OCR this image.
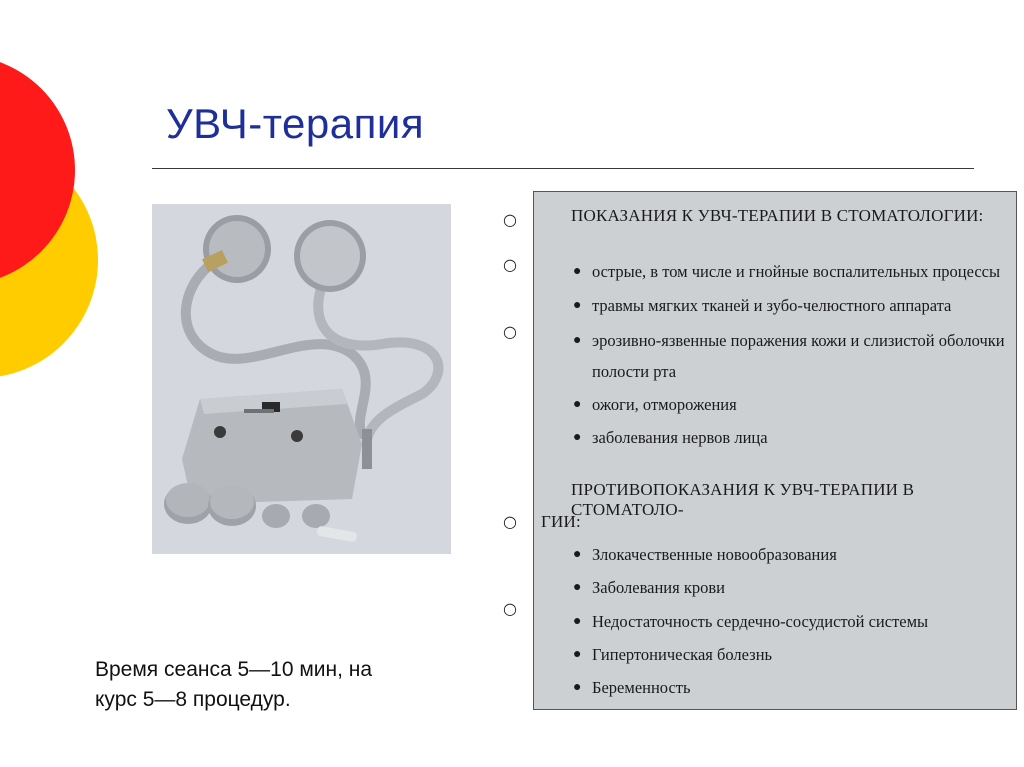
УВЧ-терапия
Время сеанса 5—10 мин, на
курс 5—8 процедур.
○
○
○
○
○
ПОКАЗАНИЯ К УВЧ-ТЕРАПИИ В СТОМАТОЛОГИИ:
● острые, в том числе и гнойные воспалительных процессы
● травмы мягких тканей и зубо-челюстного аппарата
● эрозивно-язвенные поражения кожи и слизистой оболочки
полости рта
● ожоги, отморожения
● заболевания нервов лица
ПРОТИВОПОКАЗАНИЯ К УВЧ-ТЕРАПИИ В СТОМАТОЛО-
ГИИ:
● Злокачественные новообразования
● Заболевания крови
● Недостаточность сердечно-сосудистой системы
● Гипертоническая болезнь
● Беременность
